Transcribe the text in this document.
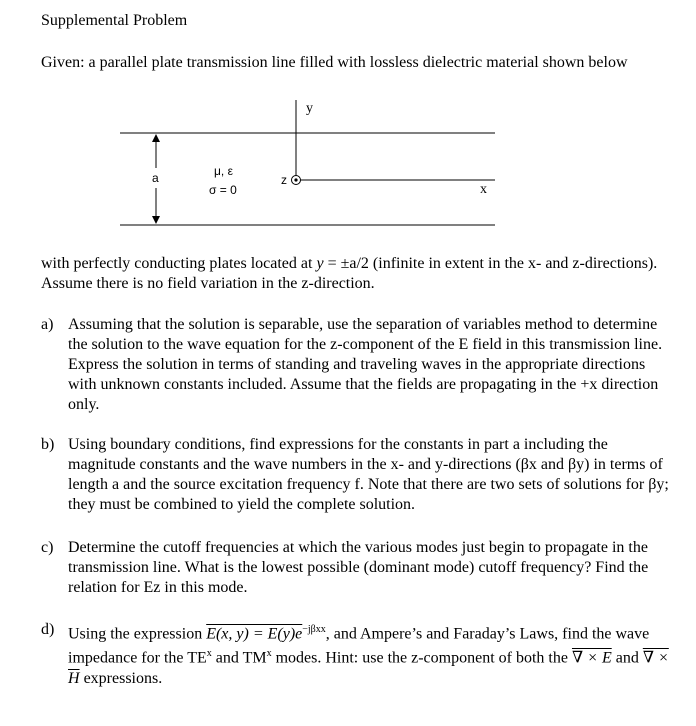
Supplemental Problem
Given: a parallel plate transmission line filled with lossless dielectric material shown below
y
x
z
a	μ, ε
σ = 0
with perfectly conducting plates located at y = ±a/2 (infinite in extent in the x- and z-directions). Assume there is no field variation in the z-direction.
a) Assuming that the solution is separable, use the separation of variables method to determine the solution to the wave equation for the z-component of the E field in this transmission line. Express the solution in terms of standing and traveling waves in the appropriate directions with unknown constants included. Assume that the fields are propagating in the +x direction only.
b) Using boundary conditions, find expressions for the constants in part a including the magnitude constants and the wave numbers in the x- and y-directions (βx and βy) in terms of length a and the source excitation frequency f. Note that there are two sets of solutions for βy; they must be combined to yield the complete solution.
c) Determine the cutoff frequencies at which the various modes just begin to propagate in the transmission line. What is the lowest possible (dominant mode) cutoff frequency? Find the relation for Ez in this mode.
d) Using the expression E(x, $y) = E(y)e^{-j\beta xx}$, and Ampere’s and Faraday’s Laws, find the wave impedance for the $TE^x$ and $TM^x$ modes. Hint: use the z-component of both the ∇ × E and ∇ × H expressions.
